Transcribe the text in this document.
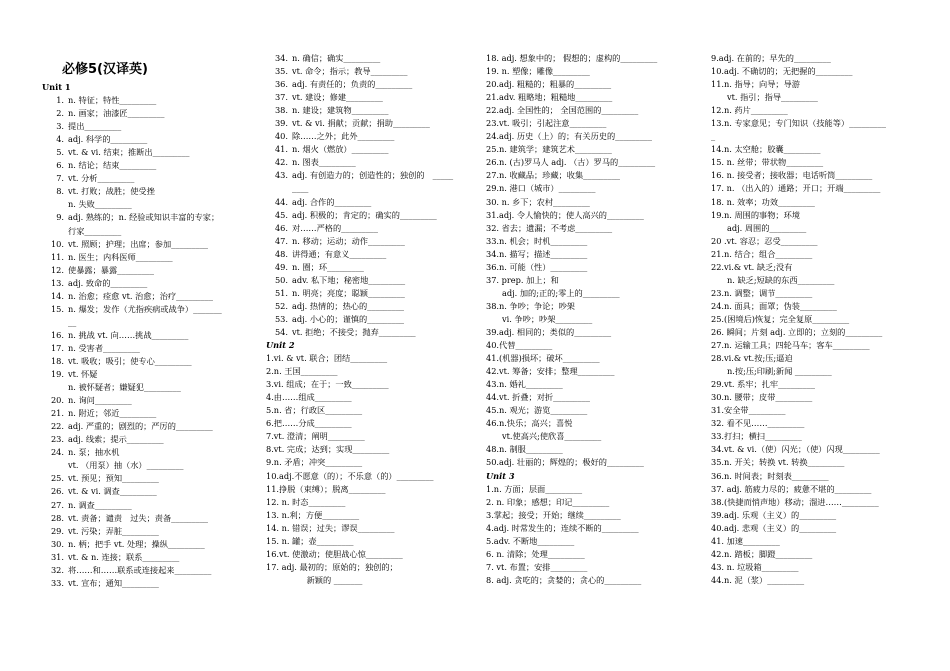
必修5(汉译英)
Unit 1
1. n. 特征；特性_________
2. n. 画家；油漆匠_________
3. 提出_________
4. adj. 科学的_________
5. vt. & vi. 结束；推断出_________
6. n. 结论；结束_________
7. vt. 分析_________
8. vt. 打败；战胜；使受挫
n. 失败_________
9. adj. 熟练的；n. 经验或知识丰富的专家；
行家_________
10. vt. 照顾；护理；出席；参加_________
11. n. 医生；内科医师_________
12. 使暴露；暴露_________
13. adj. 致命的_________
14. n. 治愈；痊愈 vt. 治愈；治疗_________
15. n. 爆发；发作（尤指疾病或战争）_______
__
16. n. 挑战 vt. 向……挑战_________
17. n. 受害者_________
18. vt. 吸收；吸引；使专心_________
19. vt. 怀疑
n. 被怀疑者；嫌疑犯_________
20. n. 询问_________
21. n. 附近；邻近_________
22. adj. 严重的；剧烈的；严厉的_________
23. adj. 线索；提示_________
24. n. 泵；抽水机
vt. （用泵）抽（水）_________
25. vt. 预见；预知_________
26. vt. & vi. 调查_________
27. n. 调查_________
28. vt. 责备；谴责　过失；责备_________
29. vt. 污染；弄脏_________
30. n. 柄；把手 vt. 处理；操纵_________
31. vt. & n. 连接；联系_________
32. 将……和……联系或连接起来_________
33. vt. 宣布；通知_________
34. n. 确信；确实_________
35. vt. 命令；指示；教导_________
36. adj. 有责任的；负责的_________
37. vt. 建设；修建_________
38. n. 建设；建筑物_________
39. vt. & vi. 捐献；贡献；捐助_________
40. 除……之外；此外_________
41. n. 烟火（燃放）_________
42. n. 图表_________
43. adj. 有创造力的；创造性的；独创的　_____
____
44. adj. 合作的_________
45. adj. 积极的；肯定的；确实的_________
46. 对……严格的_________
47. n. 移动；运动；动作_________
48. 讲得通；有意义_________
49. n. 圈；环_________
50. adv. 私下地；秘密地_________
51. n. 明亮；亮度；聪颖_________
52. adj. 热情的；热心的_________
53. adj. 小心的；谨慎的_________
54. vt. 拒绝；不接受；抛弃_________
Unit 2
1.vi. & vt. 联合；团结_________
2.n. 王国_________
3.vi. 组成；在于；一致_________
4.由……组成_________
5.n. 省；行政区_________
6.把……分成_________
7.vt. 澄清；阐明_________
8.vt. 完成；达到；实现_________
9.n. 矛盾；冲突_________
10.adj.不愿意（的）；不乐意（的）_________
11.挣脱（束缚）；脱离_________
12. n. 时态_________
13. n.利；方便_________
14. n. 错误；过失；谬误_________
15. n. 罐；壶_________
16.vt. 使激动；使胆战心惊_________
17. adj. 最初的；原始的；独创的；
　　　新颖的 _______
18. adj. 想象中的； 假想的；虚构的_________
19. n. 塑像；雕像_________
20.adj. 粗糙的；粗暴的_________
21.adv. 粗略地；粗糙地_________
22.adj. 全国性的； 全国范围的_________
23.vt. 吸引；引起注意_________
24.adj. 历史（上）的；有关历史的_________
25.n. 建筑学；建筑艺术_________
26.n. (古)罗马人 adj. （古）罗马的_________
27.n. 收藏品；珍藏；收集_________
29.n. 港口（城市）_________
30. n. 乡下；农村_________
31.adj. 令人愉快的；使人高兴的_________
32. 省去；遗漏；不考虑_________
33.n. 机会；时机_________
34.n. 描写；描述_________
36.n. 可能（性）_________
37. prep. 加上；和
adj. 加的;正的;零上的_________
38.n. 争吵；争论；吵架
vi. 争吵；吵架_________
39.adj. 相同的；类似的_________
40.代替_________
41.(机器)损坏；破坏_________
42.vt. 筹备；安排；整理_________
43.n. 婚礼_________
44.vt. 折叠；对折_________
45.n. 观光；游览_________
46.n.快乐；高兴；喜悦
vt.使高兴;使欣喜_________
48.n. 制服_________
50.adj. 壮丽的；辉煌的；极好的_________
Unit 3
1.n. 方面；层面_________
2. n. 印象；感想；印记_________
3.掌起；接受；开始；继续_________
4.adj. 时常发生的；连续不断的_________
5.adv. 不断地_________
6. n. 清除；处理_________
7. vt. 布置；安排_________
8. adj. 贪吃的；贪婪的；贪心的_________
9.adj. 在前的；早先的_________
10.adj. 不确切的；无把握的_________
11.n. 指导；向导；导游
vt. 指引；指导_________
12.n. 药片_________
13.n. 专家意见；专门知识（技能等）_________
_
14.n. 太空舱；胶囊_________
15. n. 丝带；带状物_________
16. n. 接受者；接收器；电话听筒_________
17. n. （出入的）通路；开口；开端_________
18. n. 效率；功效_________
19.n. 周围的事物；环境
adj. 周围的_________
20 .vt. 容忍；忍受_________
21.n. 结合；组合_________
22.vi.& vt. 缺乏;没有
n. 缺乏;短缺的东西_________
23.n. 调整；调节_________
24.n. 面具；面罩；伪装_________
25.(困境后)恢复；完全复原_________
26. 瞬间；片刻 adj. 立即的；立刻的_________
27.n. 运输工具；四轮马车；客车_________
28.vi.& vt.按;压;逼迫
n.按;压;印刷;新闻 _________
29.vt. 系牢；扎牢_________
30.n. 腰带；皮带_________
31.安全带_________
32. 看不见……_________
33.打扫；横扫_________
34.vt. & vi.（使）闪光；（使）闪现_________
35.n. 开关；转换 vt. 转换_________
36.n. 时间表；时刻表_________
37. adj. 筋疲力尽的；疲惫不堪的_________
38.(快捷而悄声地）移动；溜进……_________
39.adj. 乐观（主义）的_________
40.adj. 悲观（主义）的_________
41. 加速_________
42.n. 踏板；脚蹬_________
43. n. 垃圾箱_________
44.n. 泥（浆）_________
